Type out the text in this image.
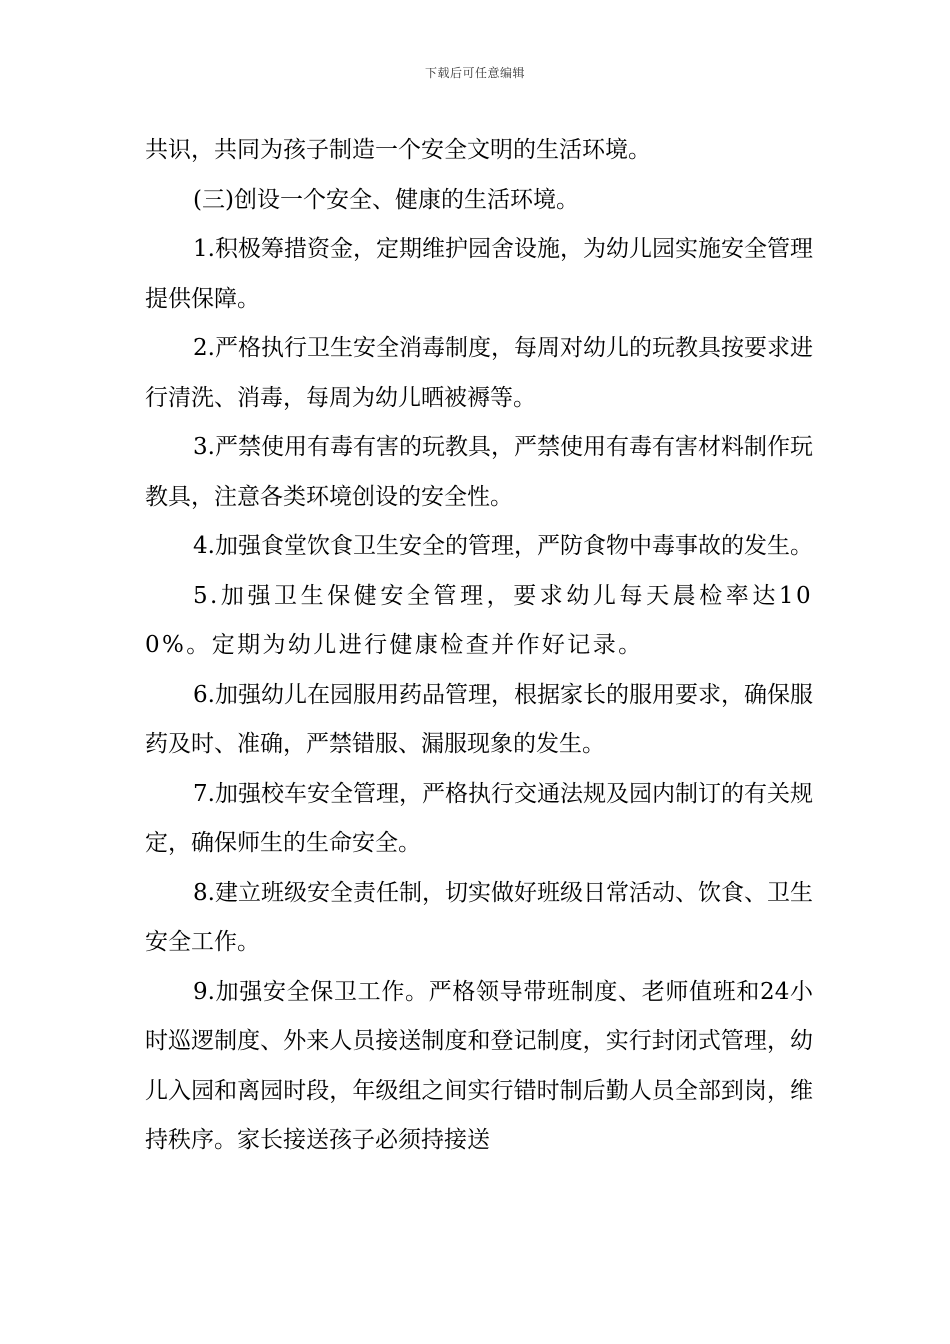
下载后可任意编辑

共识，共同为孩子制造一个安全文明的生活环境。

(三)创设一个安全、健康的生活环境。

1.积极筹措资金，定期维护园舍设施，为幼儿园实施安全管理提供保障。

2.严格执行卫生安全消毒制度，每周对幼儿的玩教具按要求进行清洗、消毒，每周为幼儿晒被褥等。

3.严禁使用有毒有害的玩教具，严禁使用有毒有害材料制作玩教具，注意各类环境创设的安全性。

4.加强食堂饮食卫生安全的管理，严防食物中毒事故的发生。

5.加强卫生保健安全管理，要求幼儿每天晨检率达100%。定期为幼儿进行健康检查并作好记录。

6.加强幼儿在园服用药品管理，根据家长的服用要求，确保服药及时、准确，严禁错服、漏服现象的发生。

7.加强校车安全管理，严格执行交通法规及园内制订的有关规定，确保师生的生命安全。

8.建立班级安全责任制，切实做好班级日常活动、饮食、卫生安全工作。

9.加强安全保卫工作。严格领导带班制度、老师值班和24小时巡逻制度、外来人员接送制度和登记制度，实行封闭式管理，幼儿入园和离园时段，年级组之间实行错时制后勤人员全部到岗，维持秩序。家长接送孩子必须持接送
